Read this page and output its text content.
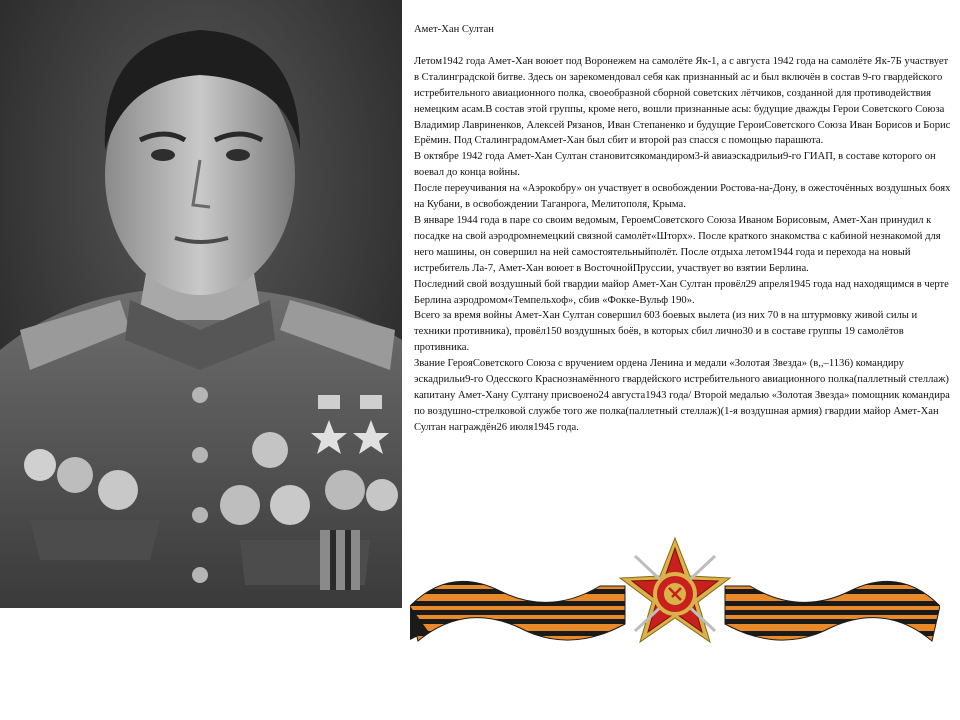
Амет-Хан Султан

Летом1942 года Амет-Хан воюет под Воронежем на самолёте Як-1, а с августа 1942 года на самолёте Як-7Б участвует в Сталинградской битве. Здесь он зарекомендовал себя как признанный ас и был включён в состав 9-го гвардейского истребительного авиационного полка, своеобразной сборной советских лётчиков, созданной для противодействия немецким асам.В состав этой группы, кроме него, вошли признанные асы: будущие дважды Герои Советского Союза Владимир Лавриненков, Алексей Рязанов, Иван Степаненко и будущие ГероиСоветского Союза Иван Борисов и Борис Ерёмин. Под СталинградомАмет-Хан был сбит и второй раз спасся с помощью парашюта.

В октябре 1942 года Амет-Хан Султан становитсякомандиром3-й авиаэскадрильи9-го ГИАП, в составе которого он воевал до конца войны.

После переучивания на «Аэрокобру» он участвует в освобождении Ростова-на-Дону, в ожесточённых воздушных боях на Кубани, в освобождении Таганрога, Мелитополя, Крыма.

В январе 1944 года в паре со своим ведомым, ГероемСоветского Союза Иваном Борисовым, Амет-Хан принудил к посадке на свой аэродромнемецкий связной самолёт«Шторх». После краткого знакомства с кабиной незнакомой для него машины, он совершил на ней самостоятельныйполёт. После отдыха летом1944 года и перехода на новый истребитель Ла-7, Амет-Хан воюет в ВосточнойПруссии, участвует во взятии Берлина.

Последний свой воздушный бой гвардии майор Амет-Хан Султан провёл29 апреля1945 года над находящимся в черте Берлина аэродромом«Темпельхоф», сбив «Фокке-Вульф 190».

Всего за время войны Амет-Хан Султан совершил 603 боевых вылета (из них 70 в на штурмовку живой силы и техники противника), провёл150 воздушных боёв, в которых сбил лично30 и в составе группы 19 самолётов противника.

Звание ГерояСоветского Союза с вручением ордена Ленина и медали «Золотая Звезда» (в,,–1136) командиру эскадрильи9-го Одесского Краснознамённого гвардейского истребительного авиационного полка(паллетный стеллаж) капитану Амет-Хану Султану присвоено24 августа1943 года/ Второй медалью «Золотая Звезда» помощник командира по воздушно-стрелковой службе того же полка(паллетный стеллаж)(1-я воздушная армия) гвардии майор Амет-Хан Султан награждён26 июля1945 года.
